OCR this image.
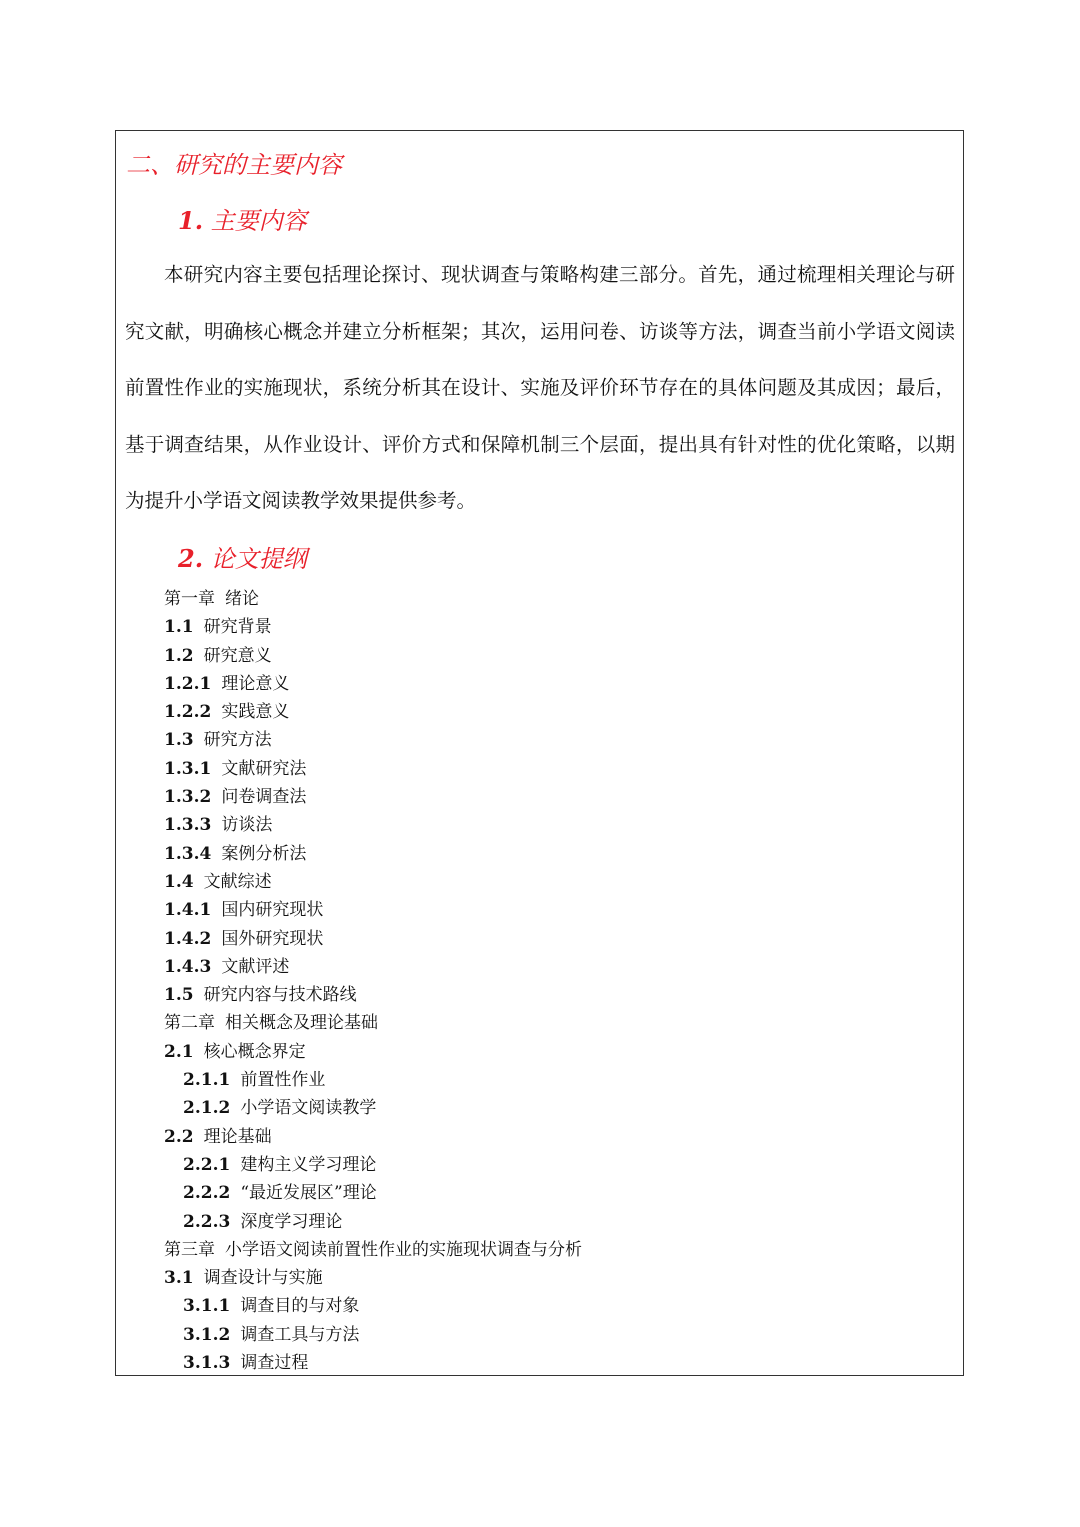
二、研究的主要内容
1. 主要内容

本研究内容主要包括理论探讨、现状调查与策略构建三部分。首先，通过梳理相关理论与研究文献，明确核心概念并建立分析框架；其次，运用问卷、访谈等方法，调查当前小学语文阅读前置性作业的实施现状，系统分析其在设计、实施及评价环节存在的具体问题及其成因；最后，基于调查结果，从作业设计、评价方式和保障机制三个层面，提出具有针对性的优化策略，以期为提升小学语文阅读教学效果提供参考。

2. 论文提纲
第一章 绪论
1.1 研究背景
1.2 研究意义
1.2.1 理论意义
1.2.2 实践意义
1.3 研究方法
1.3.1 文献研究法
1.3.2 问卷调查法
1.3.3 访谈法
1.3.4 案例分析法
1.4 文献综述
1.4.1 国内研究现状
1.4.2 国外研究现状
1.4.3 文献评述
1.5 研究内容与技术路线
第二章 相关概念及理论基础
2.1 核心概念界定
2.1.1 前置性作业
2.1.2 小学语文阅读教学
2.2 理论基础
2.2.1 建构主义学习理论
2.2.2 “最近发展区”理论
2.2.3 深度学习理论
第三章 小学语文阅读前置性作业的实施现状调查与分析
3.1 调查设计与实施
3.1.1 调查目的与对象
3.1.2 调查工具与方法
3.1.3 调查过程
